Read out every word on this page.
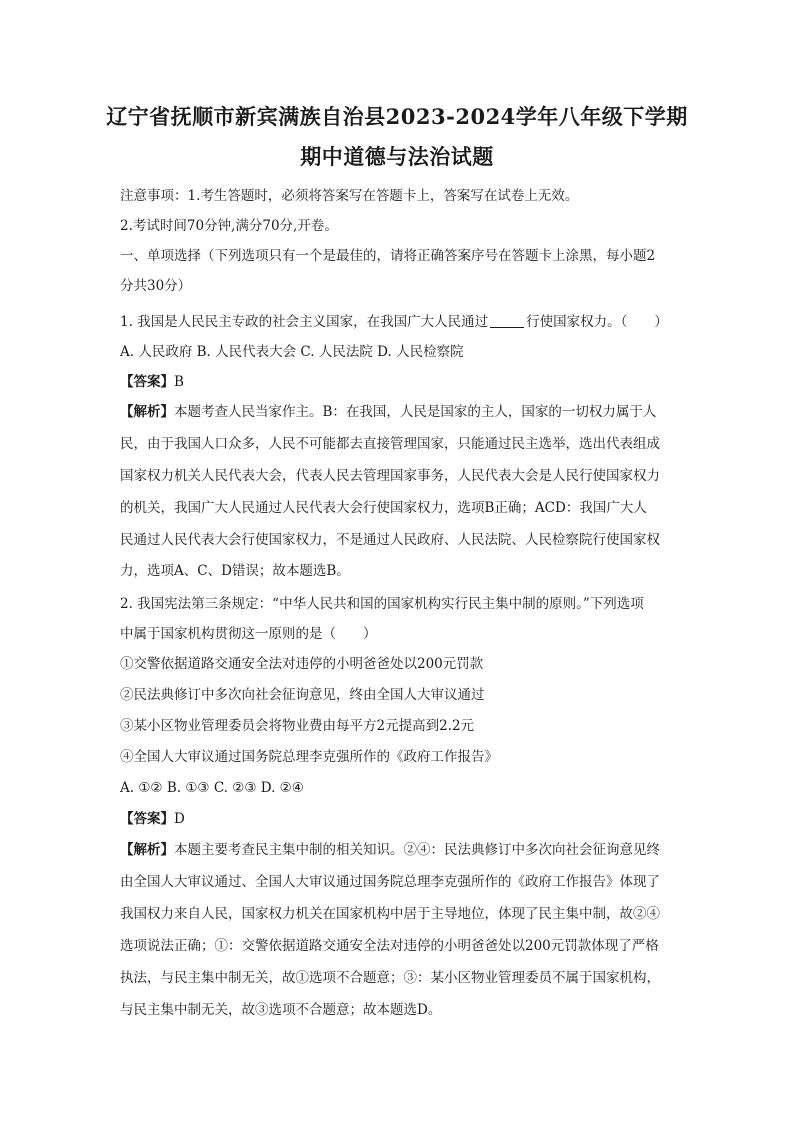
辽宁省抚顺市新宾满族自治县2023-2024学年八年级下学期
期中道德与法治试题
注意事项：1.考生答题时，必须将答案写在答题卡上，答案写在试卷上无效。
2.考试时间70分钟,满分70分,开卷。
一、单项选择（下列选项只有一个是最佳的，请将正确答案序号在答题卡上涂黑，每小题2
分共30分）
1. 我国是人民民主专政的社会主义国家，在我国广大人民通过	行使国家权力。（　　）
A. 人民政府 B. 人民代表大会 C. 人民法院 D. 人民检察院
【答案】B
【解析】本题考查人民当家作主。B：在我国，人民是国家的主人，国家的一切权力属于人
民，由于我国人口众多，人民不可能都去直接管理国家，只能通过民主选举，选出代表组成
国家权力机关人民代表大会，代表人民去管理国家事务，人民代表大会是人民行使国家权力
的机关，我国广大人民通过人民代表大会行使国家权力，选项B正确；ACD：我国广大人
民通过人民代表大会行使国家权力，不是通过人民政府、人民法院、人民检察院行使国家权
力，选项A、C、D错误；故本题选B。
2. 我国宪法第三条规定：“中华人民共和国的国家机构实行民主集中制的原则。”下列选项
中属于国家机构贯彻这一原则的是（　　）
①交警依据道路交通安全法对违停的小明爸爸处以200元罚款
②民法典修订中多次向社会征询意见，终由全国人大审议通过
③某小区物业管理委员会将物业费由每平方2元提高到2.2元
④全国人大审议通过国务院总理李克强所作的《政府工作报告》
A. ①② B. ①③ C. ②③ D. ②④
【答案】D
【解析】本题主要考查民主集中制的相关知识。②④：民法典修订中多次向社会征询意见终
由全国人大审议通过、全国人大审议通过国务院总理李克强所作的《政府工作报告》体现了
我国权力来自人民，国家权力机关在国家机构中居于主导地位，体现了民主集中制，故②④
选项说法正确；①：交警依据道路交通安全法对违停的小明爸爸处以200元罚款体现了严格
执法，与民主集中制无关，故①选项不合题意；③：某小区物业管理委员不属于国家机构，
与民主集中制无关，故③选项不合题意；故本题选D。
